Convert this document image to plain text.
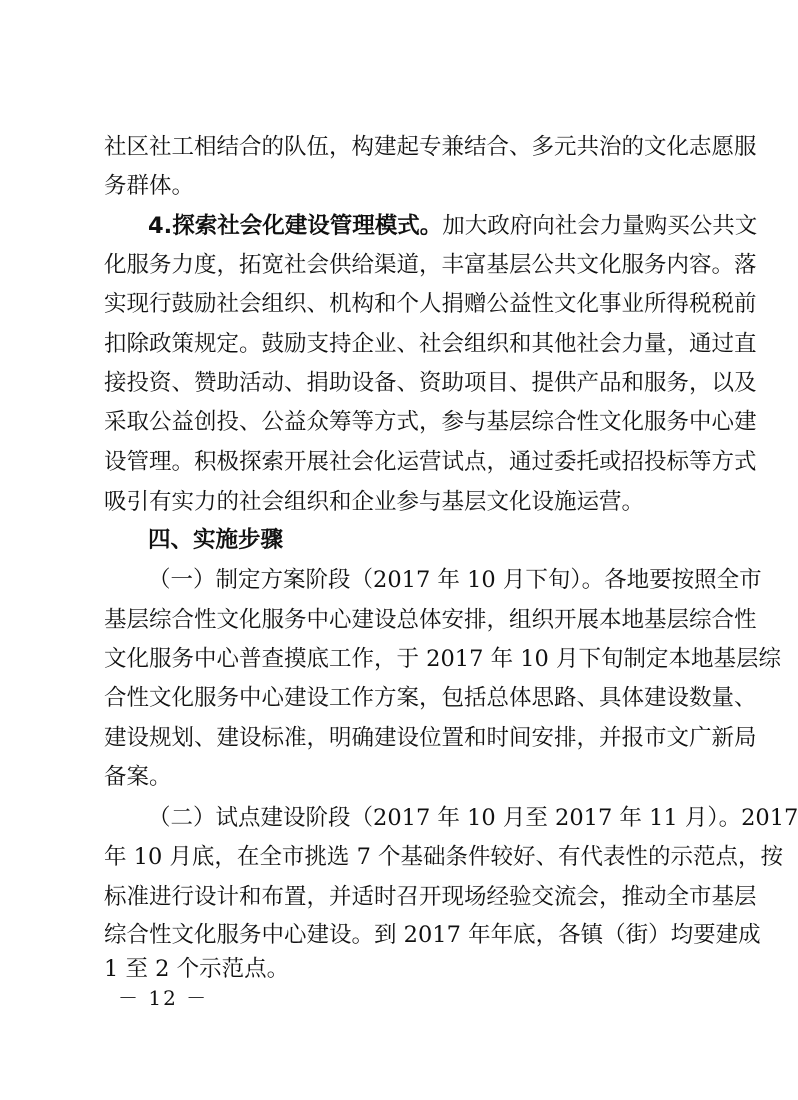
社区社工相结合的队伍，构建起专兼结合、多元共治的文化志愿服
务群体。
4.探索社会化建设管理模式。加大政府向社会力量购买公共文
化服务力度，拓宽社会供给渠道，丰富基层公共文化服务内容。落
实现行鼓励社会组织、机构和个人捐赠公益性文化事业所得税税前
扣除政策规定。鼓励支持企业、社会组织和其他社会力量，通过直
接投资、赞助活动、捐助设备、资助项目、提供产品和服务，以及
采取公益创投、公益众筹等方式，参与基层综合性文化服务中心建
设管理。积极探索开展社会化运营试点，通过委托或招投标等方式
吸引有实力的社会组织和企业参与基层文化设施运营。
四、实施步骤
（一）制定方案阶段（2017 年 10 月下旬）。各地要按照全市
基层综合性文化服务中心建设总体安排，组织开展本地基层综合性
文化服务中心普查摸底工作，于 2017 年 10 月下旬制定本地基层综
合性文化服务中心建设工作方案，包括总体思路、具体建设数量、
建设规划、建设标准，明确建设位置和时间安排，并报市文广新局
备案。
（二）试点建设阶段（2017 年 10 月至 2017 年 11 月）。2017
年 10 月底，在全市挑选 7 个基础条件较好、有代表性的示范点，按
标准进行设计和布置，并适时召开现场经验交流会，推动全市基层
综合性文化服务中心建设。到 2017 年年底，各镇（街）均要建成
1 至 2 个示范点。
－ 12 －
